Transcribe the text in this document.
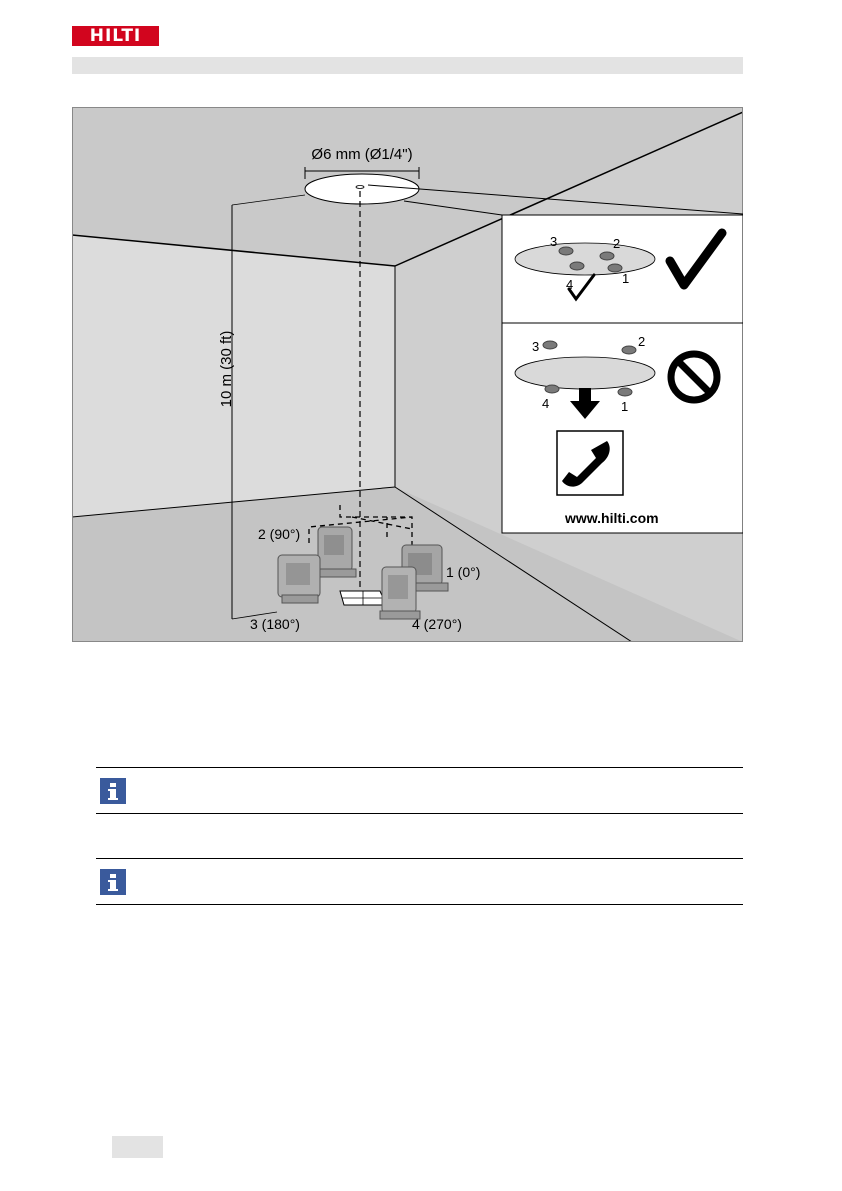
HILTI
Ø6 mm (Ø1/4")
10 m (30 ft)
2 (90°)
1 (0°)
3 (180°)	4 (270°)
3	2
4	1
3	2
4	1
www.hilti.com
